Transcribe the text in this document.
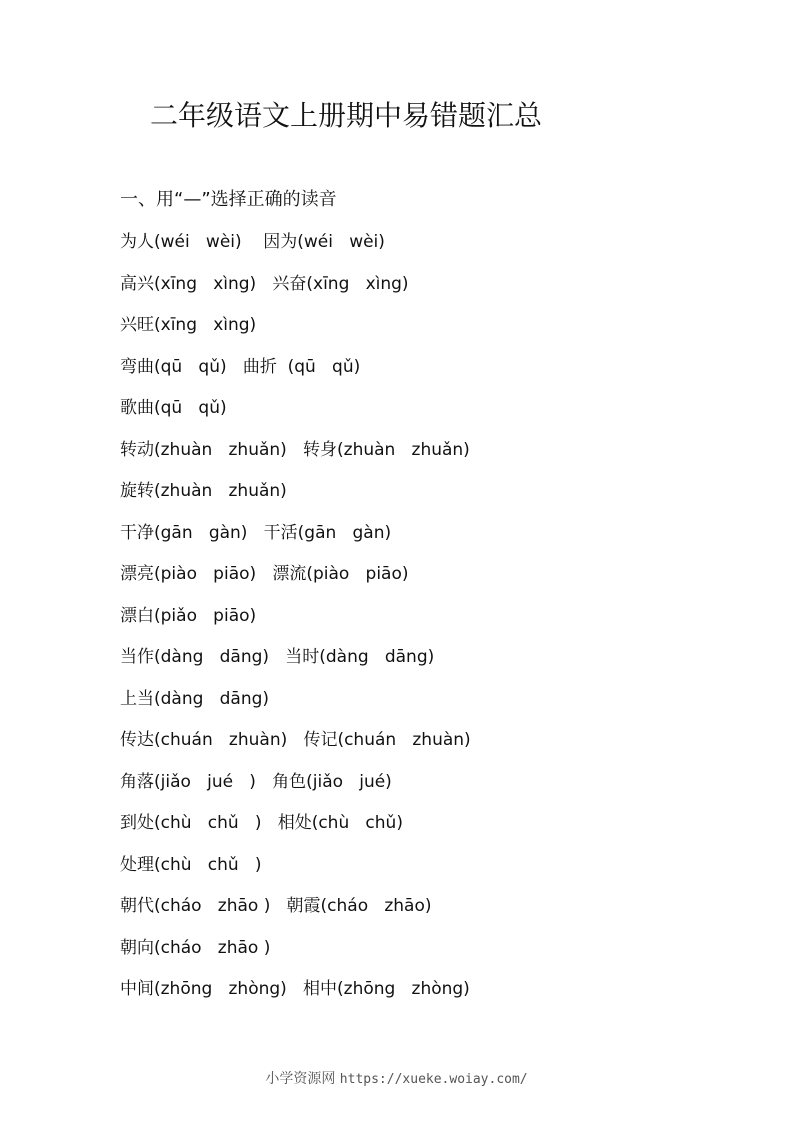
二年级语文上册期中易错题汇总
一、用“—”选择正确的读音
为人(wéi   wèi)    因为(wéi   wèi)
高兴(xīng   xìng)   兴奋(xīng   xìng)
兴旺(xīng   xìng)
弯曲(qū   qǔ)   曲折  (qū   qǔ)
歌曲(qū   qǔ)
转动(zhuàn   zhuǎn)   转身(zhuàn   zhuǎn)
旋转(zhuàn   zhuǎn)
干净(gān   gàn)   干活(gān   gàn)
漂亮(piào   piāo)   漂流(piào   piāo)
漂白(piǎo   piāo)
当作(dàng   dāng)   当时(dàng   dāng)
上当(dàng   dāng)
传达(chuán   zhuàn)   传记(chuán   zhuàn)
角落(jiǎo   jué   )   角色(jiǎo   jué)
到处(chù   chǔ   )   相处(chù   chǔ)
处理(chù   chǔ   )
朝代(cháo   zhāo )   朝霞(cháo   zhāo)
朝向(cháo   zhāo )
中间(zhōng   zhòng)   相中(zhōng   zhòng)
小学资源网 https://xueke.woiay.com/
